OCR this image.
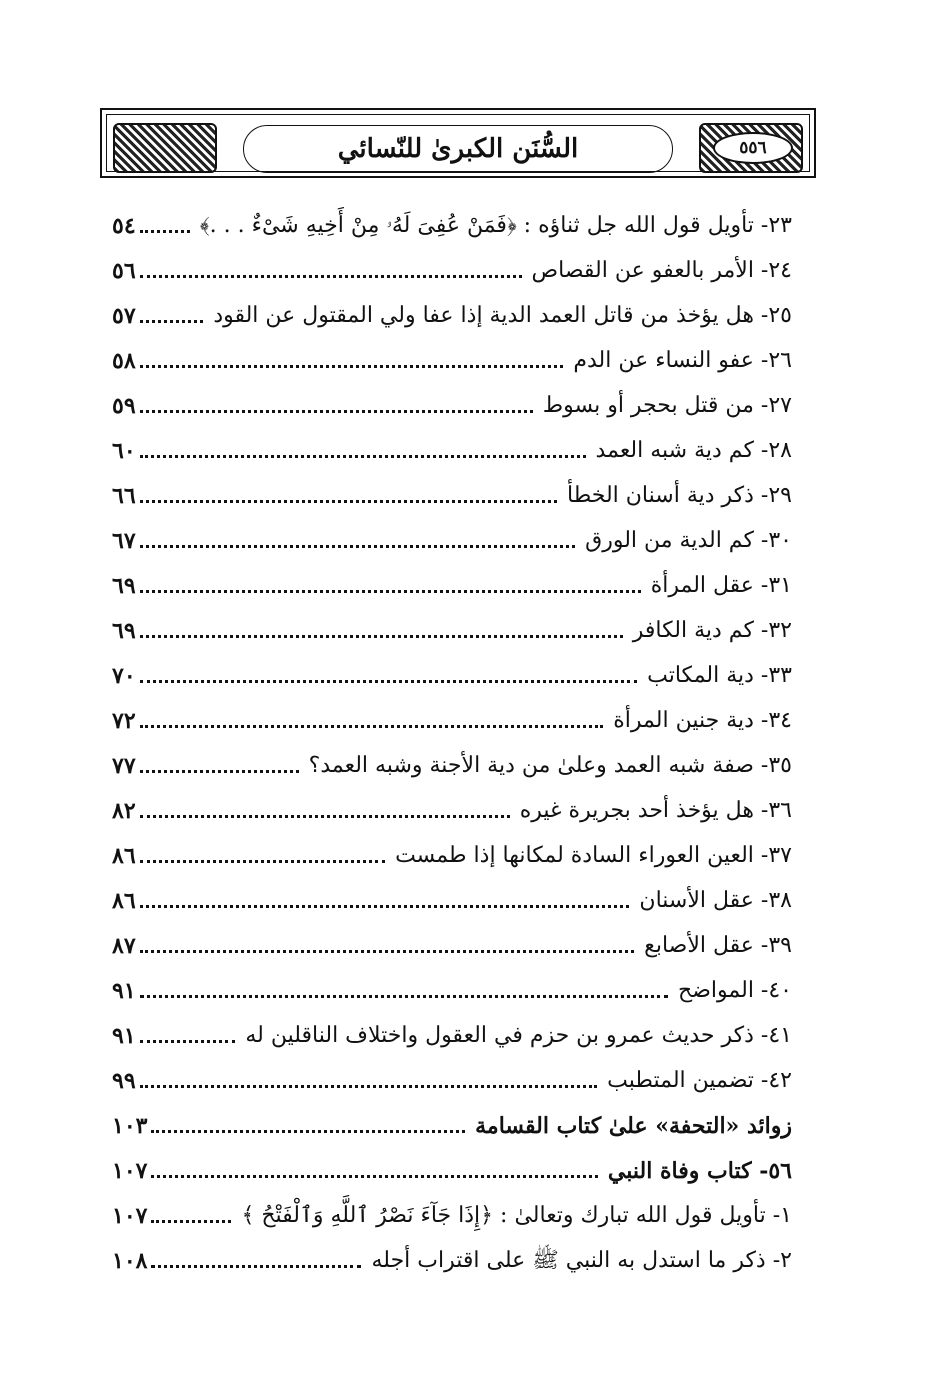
٥٥٦
السُّنَن الكبرىٰ للنّسائي
٢٣- تأويل قول الله جل ثناؤه : ﴿فَمَنْ عُفِىَ لَهُۥ مِنْ أَخِيهِ شَىْءٌ . . .﴾
٥٤
٢٤- الأمر بالعفو عن القصاص
٥٦
٢٥- هل يؤخذ من قاتل العمد الدية إذا عفا ولي المقتول عن القود
٥٧
٢٦- عفو النساء عن الدم
٥٨
٢٧- من قتل بحجر أو بسوط
٥٩
٢٨- كم دية شبه العمد
٦٠
٢٩- ذكر دية أسنان الخطأ
٦٦
٣٠- كم الدية من الورق
٦٧
٣١- عقل المرأة
٦٩
٣٢- كم دية الكافر
٦٩
٣٣- دية المكاتب
٧٠
٣٤- دية جنين المرأة
٧٢
٣٥- صفة شبه العمد وعلىٰ من دية الأجنة وشبه العمد؟
٧٧
٣٦- هل يؤخذ أحد بجريرة غيره
٨٢
٣٧- العين العوراء السادة لمكانها إذا طمست
٨٦
٣٨- عقل الأسنان
٨٦
٣٩- عقل الأصابع
٨٧
٤٠- المواضح
٩١
٤١- ذكر حديث عمرو بن حزم في العقول واختلاف الناقلين له
٩١
٤٢- تضمين المتطبب
٩٩
زوائد «التحفة» علىٰ كتاب القسامة
١٠٣
٥٦- كتاب وفاة النبي
١٠٧
١- تأويل قول الله تبارك وتعالىٰ : ﴿إِذَا جَآءَ نَصْرُ ٱللَّهِ وَٱلْفَتْحُ ﴾
١٠٧
٢- ذكر ما استدل به النبي ﷺ على اقتراب أجله
١٠٨
